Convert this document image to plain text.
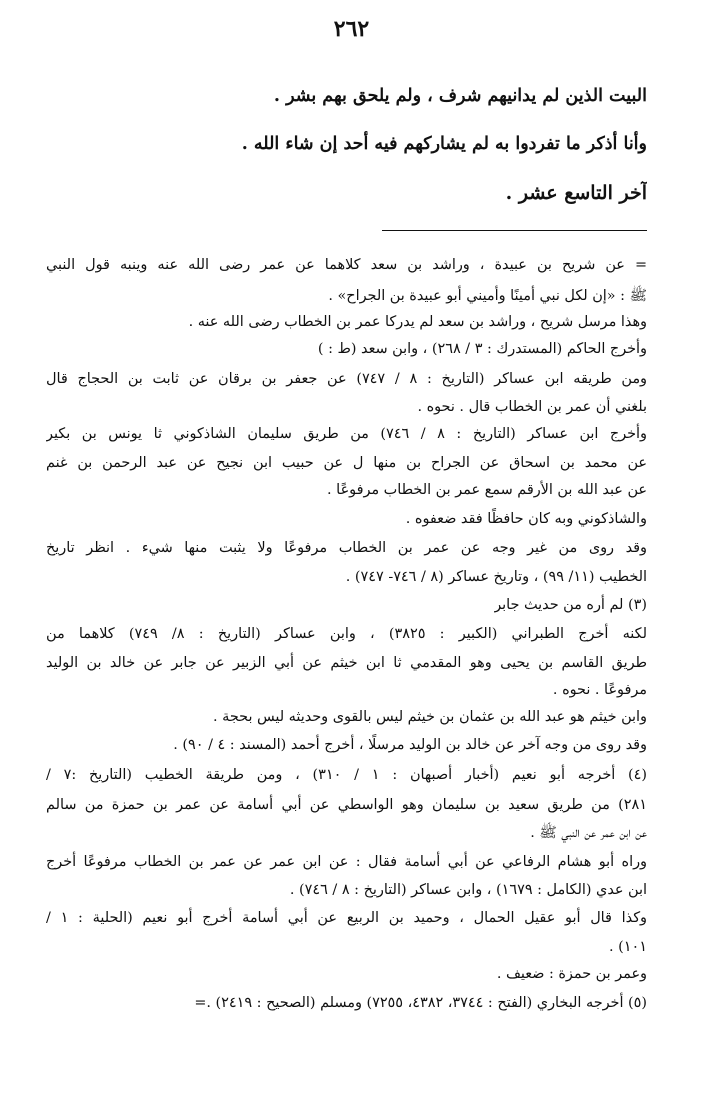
٢٦٢
البيت الذين لم يدانيهم شرف ، ولم يلحق بهم بشر .
وأنا أذكر ما تفردوا به لم يشاركهم فيه أحد إن شاء الله .
آخر التاسع عشر .
= عن شريح بن عبيدة ، وراشد بن سعد كلاهما عن عمر رضى الله عنه وينبه قول النبي
ﷺ : «إن لكل نبي أمينًا وأميني أبو عبيدة بن الجراح» .
وهذا مرسل شريح ، وراشد بن سعد لم يدركا عمر بن الخطاب رضى الله عنه .
وأخرج الحاكم (المستدرك : ٣ / ٢٦٨) ، وابن سعد (ط : )
ومن طريقه ابن عساكر (التاريخ : ٨ / ٧٤٧) عن جعفر بن برقان عن ثابت بن الحجاج قال
بلغني أن عمر بن الخطاب قال . نحوه .
وأخرج ابن عساكر (التاريخ : ٨ / ٧٤٦) من طريق سليمان الشاذكوني ثا يونس بن بكير
عن محمد بن اسحاق عن الجراح بن منها ل عن حبيب ابن نجيح عن عبد الرحمن بن غنم
عن عبد الله بن الأرقم سمع عمر بن الخطاب مرفوعًا .
والشاذكوني وبه كان حافظًا فقد ضعفوه .
وقد روى من غير وجه عن عمر بن الخطاب مرفوعًا ولا يثبت منها شيء . انظر تاريخ
الخطيب (١١/ ٩٩) ، وتاريخ عساكر (٨ / ٧٤٦- ٧٤٧) .
(٣) لم أره من حديث جابر
لكنه أخرج الطبراني (الكبير : ٣٨٢٥) ، وابن عساكر (التاريخ : ٨/ ٧٤٩) كلاهما من
طريق القاسم بن يحيى وهو المقدمي ثا ابن خيثم عن أبي الزبير عن جابر عن خالد بن الوليد
مرفوعًا . نحوه .
وابن خيثم هو عبد الله بن عثمان بن خيثم ليس بالقوى وحديثه ليس بحجة .
وقد روى من وجه آخر عن خالد بن الوليد مرسلًا ، أخرج أحمد (المسند : ٤ / ٩٠) .
(٤) أخرجه أبو نعيم (أخبار أصبهان : ١ / ٣١٠) ، ومن طريقة الخطيب (التاريخ :٧ /
٢٨١) من طريق سعيد بن سليمان وهو الواسطي عن أبي أسامة عن عمر بن حمزة من سالم
عن ابن عمر عن النبي ﷺ .
وراه أبو هشام الرفاعي عن أبي أسامة فقال : عن ابن عمر عن عمر بن الخطاب مرفوعًا أخرج
ابن عدي (الكامل : ١٦٧٩) ، وابن عساكر (التاريخ : ٨ / ٧٤٦) .
وكذا قال أبو عقيل الحمال ، وحميد بن الربيع عن أبي أسامة أخرج أبو نعيم (الحلية : ١ /
١٠١) .
وعمر بن حمزة : ضعيف .
(٥) أخرجه البخاري (الفتح : ٣٧٤٤، ٤٣٨٢، ٧٢٥٥) ومسلم (الصحيح : ٢٤١٩) .=
